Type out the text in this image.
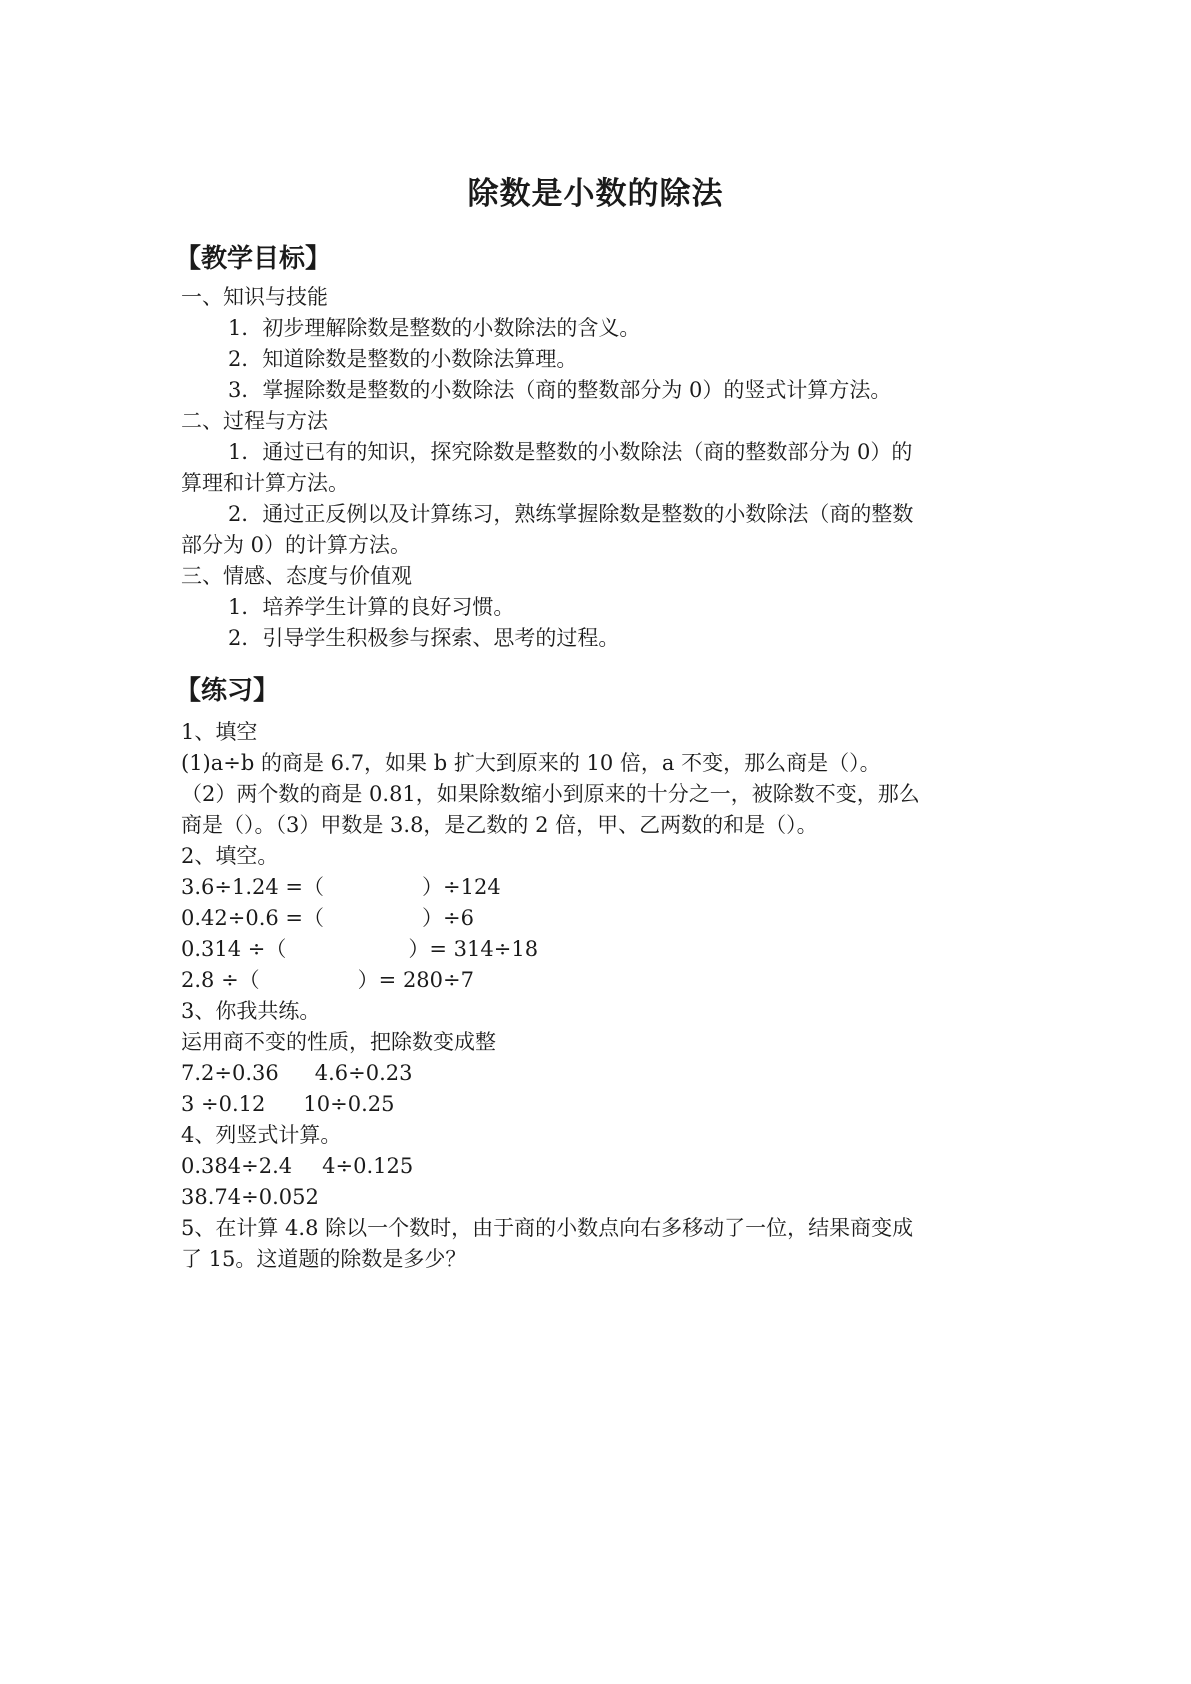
除数是小数的除法
【教学目标】
一、知识与技能
1．初步理解除数是整数的小数除法的含义。
2．知道除数是整数的小数除法算理。
3．掌握除数是整数的小数除法（商的整数部分为 0）的竖式计算方法。
二、过程与方法
1．通过已有的知识，探究除数是整数的小数除法（商的整数部分为 0）的
算理和计算方法。
2．通过正反例以及计算练习，熟练掌握除数是整数的小数除法（商的整数
部分为 0）的计算方法。
三、情感、态度与价值观
1．培养学生计算的良好习惯。
2．引导学生积极参与探索、思考的过程。
【练习】
1、填空
(1)a÷b 的商是 6.7，如果 b 扩大到原来的 10 倍，a 不变，那么商是（）。
（2）两个数的商是 0.81，如果除数缩小到原来的十分之一，被除数不变，那么
商是（）。（3）甲数是 3.8，是乙数的 2 倍，甲、乙两数的和是（）。
2、填空。
3.6÷1.24 =（	）÷124
0.42÷0.6 =（	）÷6
0.314 ÷（	）= 314÷18
2.8 ÷（	）= 280÷7
3、你我共练。
运用商不变的性质，把除数变成整
7.2÷0.36 4.6÷0.23
3 ÷0.12 10÷0.25
4、列竖式计算。
0.384÷2.4 4÷0.125
38.74÷0.052
5、在计算 4.8 除以一个数时，由于商的小数点向右多移动了一位，结果商变成
了 15。这道题的除数是多少？
